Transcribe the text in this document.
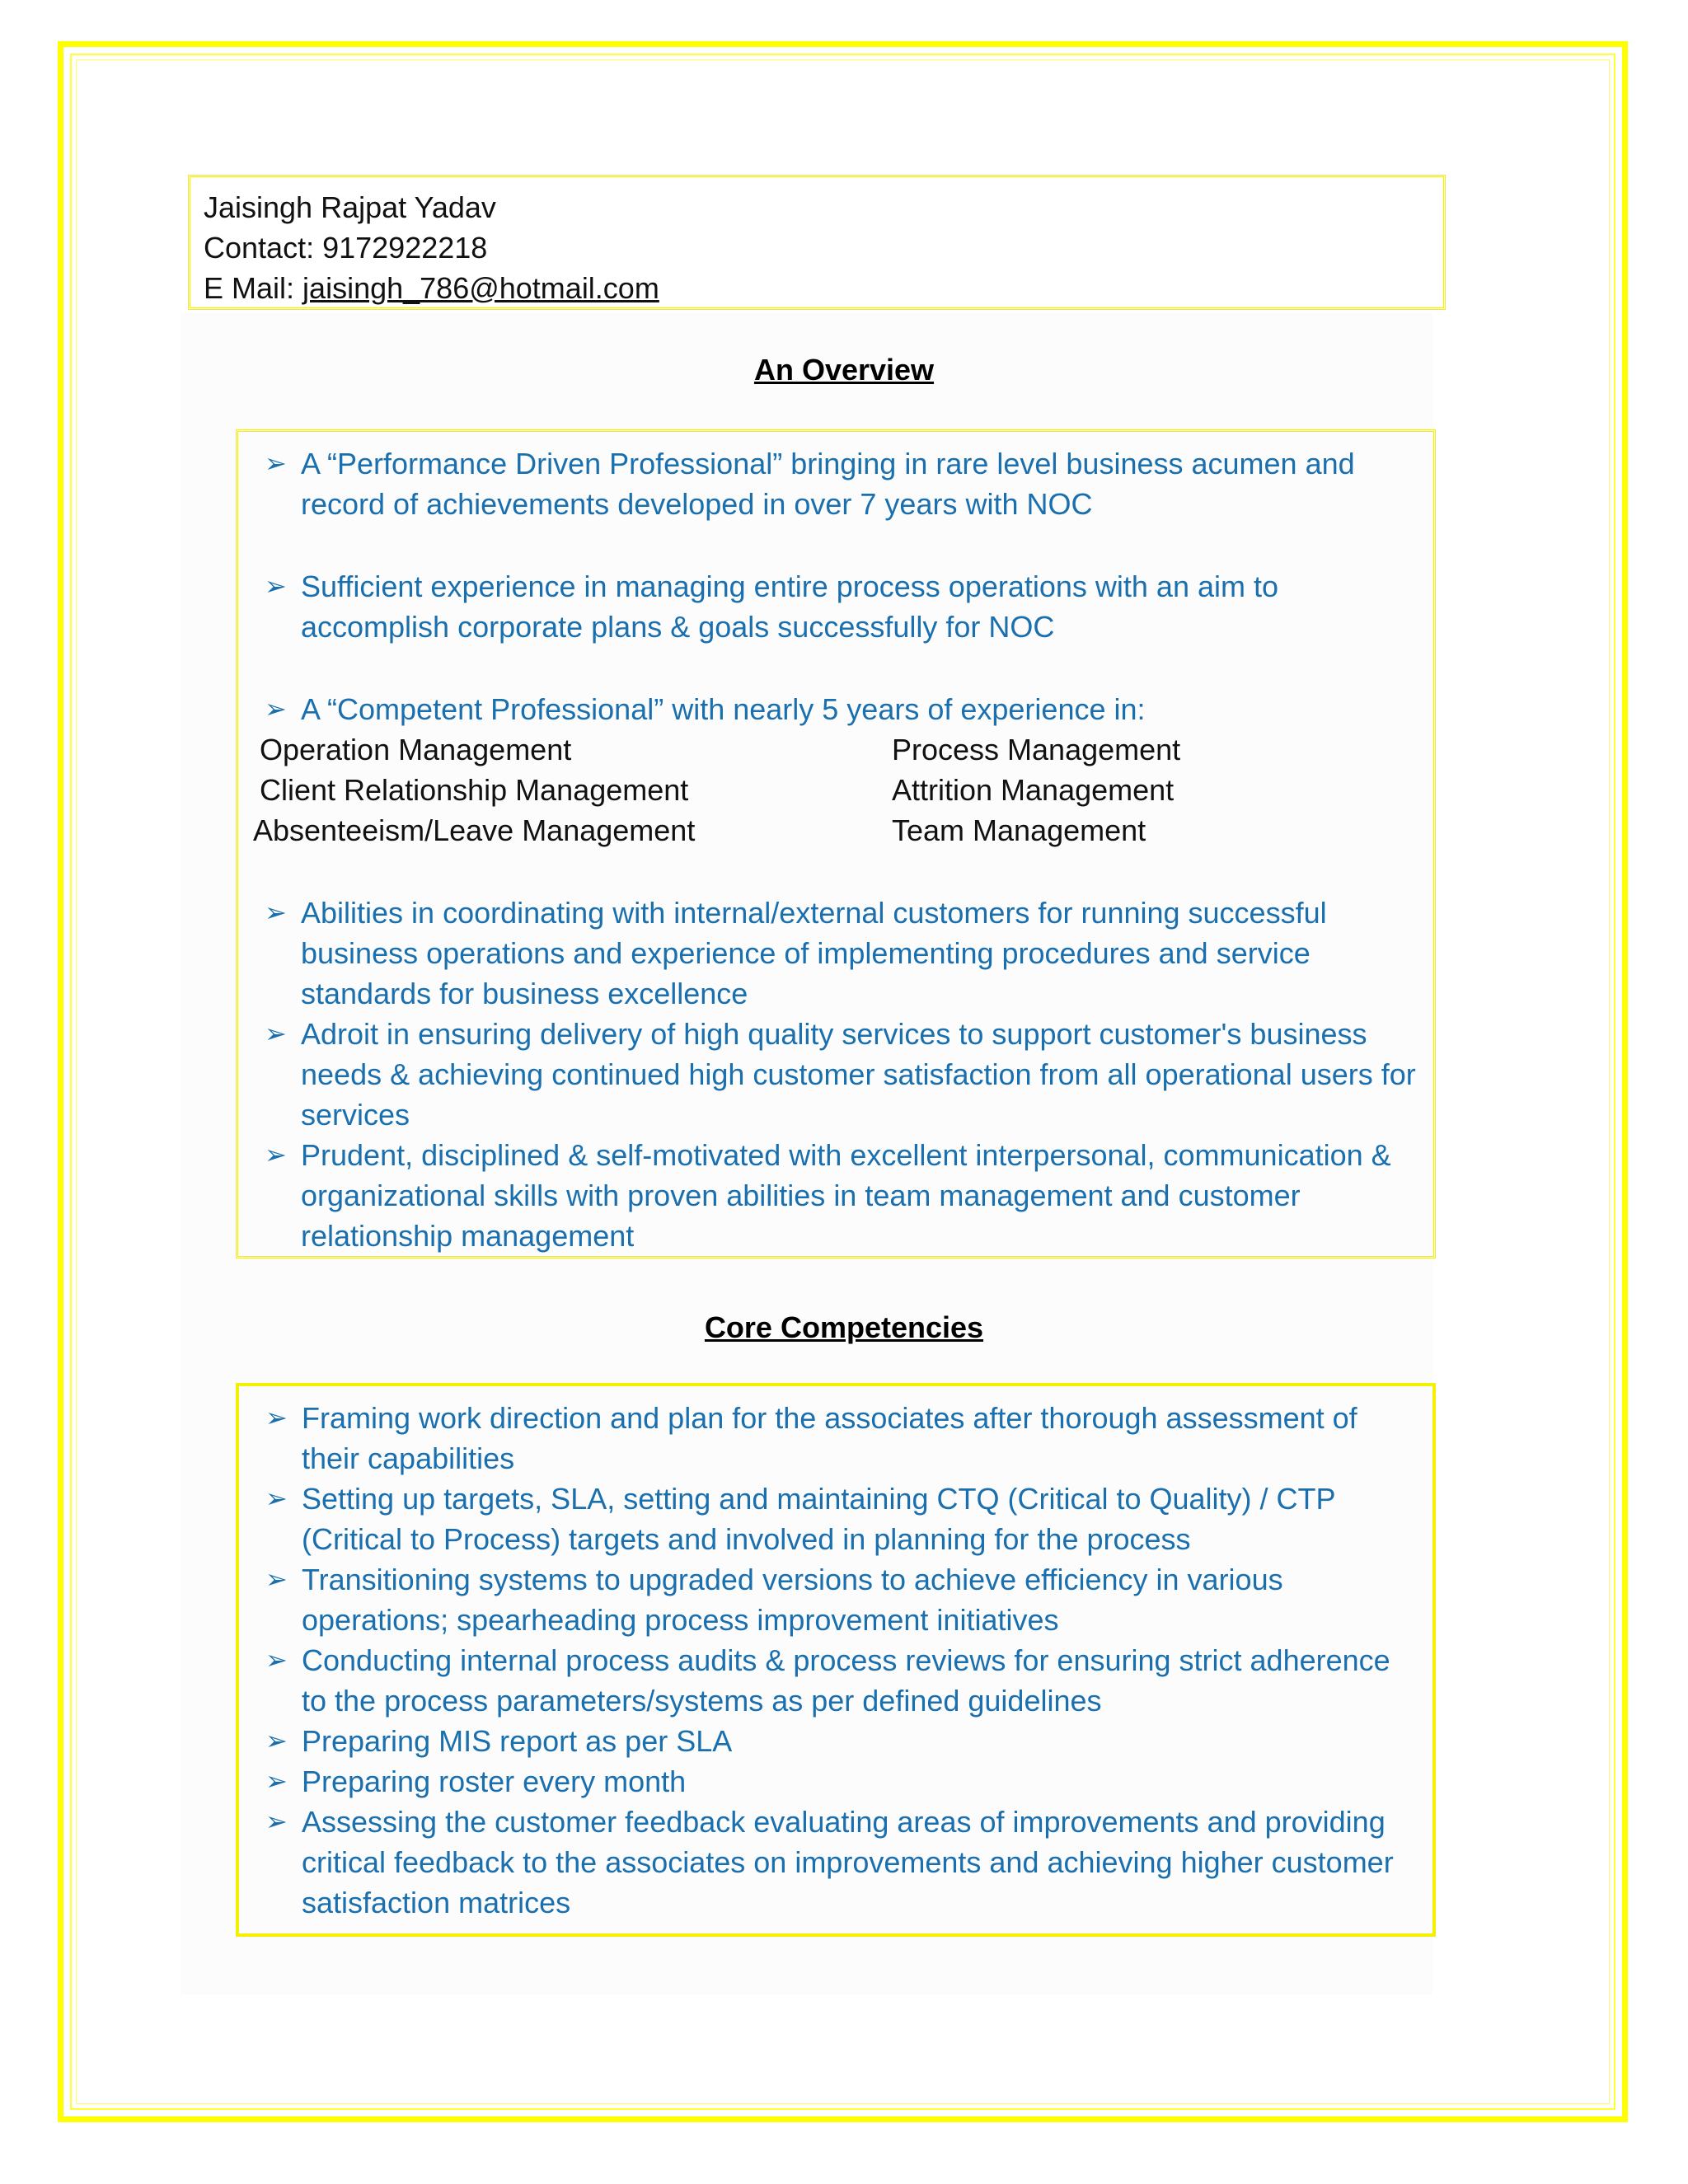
Jaisingh Rajpat Yadav
Contact: 9172922218
E Mail: jaisingh_786@hotmail.com
An Overview
➢ A “Performance Driven Professional” bringing in rare level business acumen and record of achievements developed in over 7 years with NOC
➢ Sufficient experience in managing entire process operations with an aim to accomplish corporate plans & goals successfully for NOC
➢ A “Competent Professional” with nearly 5 years of experience in:
Operation Management	Process Management
Client Relationship Management	Attrition Management
Absenteeism/Leave Management	Team Management
➢ Abilities in coordinating with internal/external customers for running successful business operations and experience of implementing procedures and service standards for business excellence
➢ Adroit in ensuring delivery of high quality services to support customer's business needs & achieving continued high customer satisfaction from all operational users for services
➢ Prudent, disciplined & self-motivated with excellent interpersonal, communication & organizational skills with proven abilities in team management and customer relationship management
Core Competencies
➢ Framing work direction and plan for the associates after thorough assessment of their capabilities
➢ Setting up targets, SLA, setting and maintaining CTQ (Critical to Quality) / CTP (Critical to Process) targets and involved in planning for the process
➢ Transitioning systems to upgraded versions to achieve efficiency in various operations; spearheading process improvement initiatives
➢ Conducting internal process audits & process reviews for ensuring strict adherence to the process parameters/systems as per defined guidelines
➢ Preparing MIS report as per SLA
➢ Preparing roster every month
➢ Assessing the customer feedback evaluating areas of improvements and providing critical feedback to the associates on improvements and achieving higher customer satisfaction matrices
